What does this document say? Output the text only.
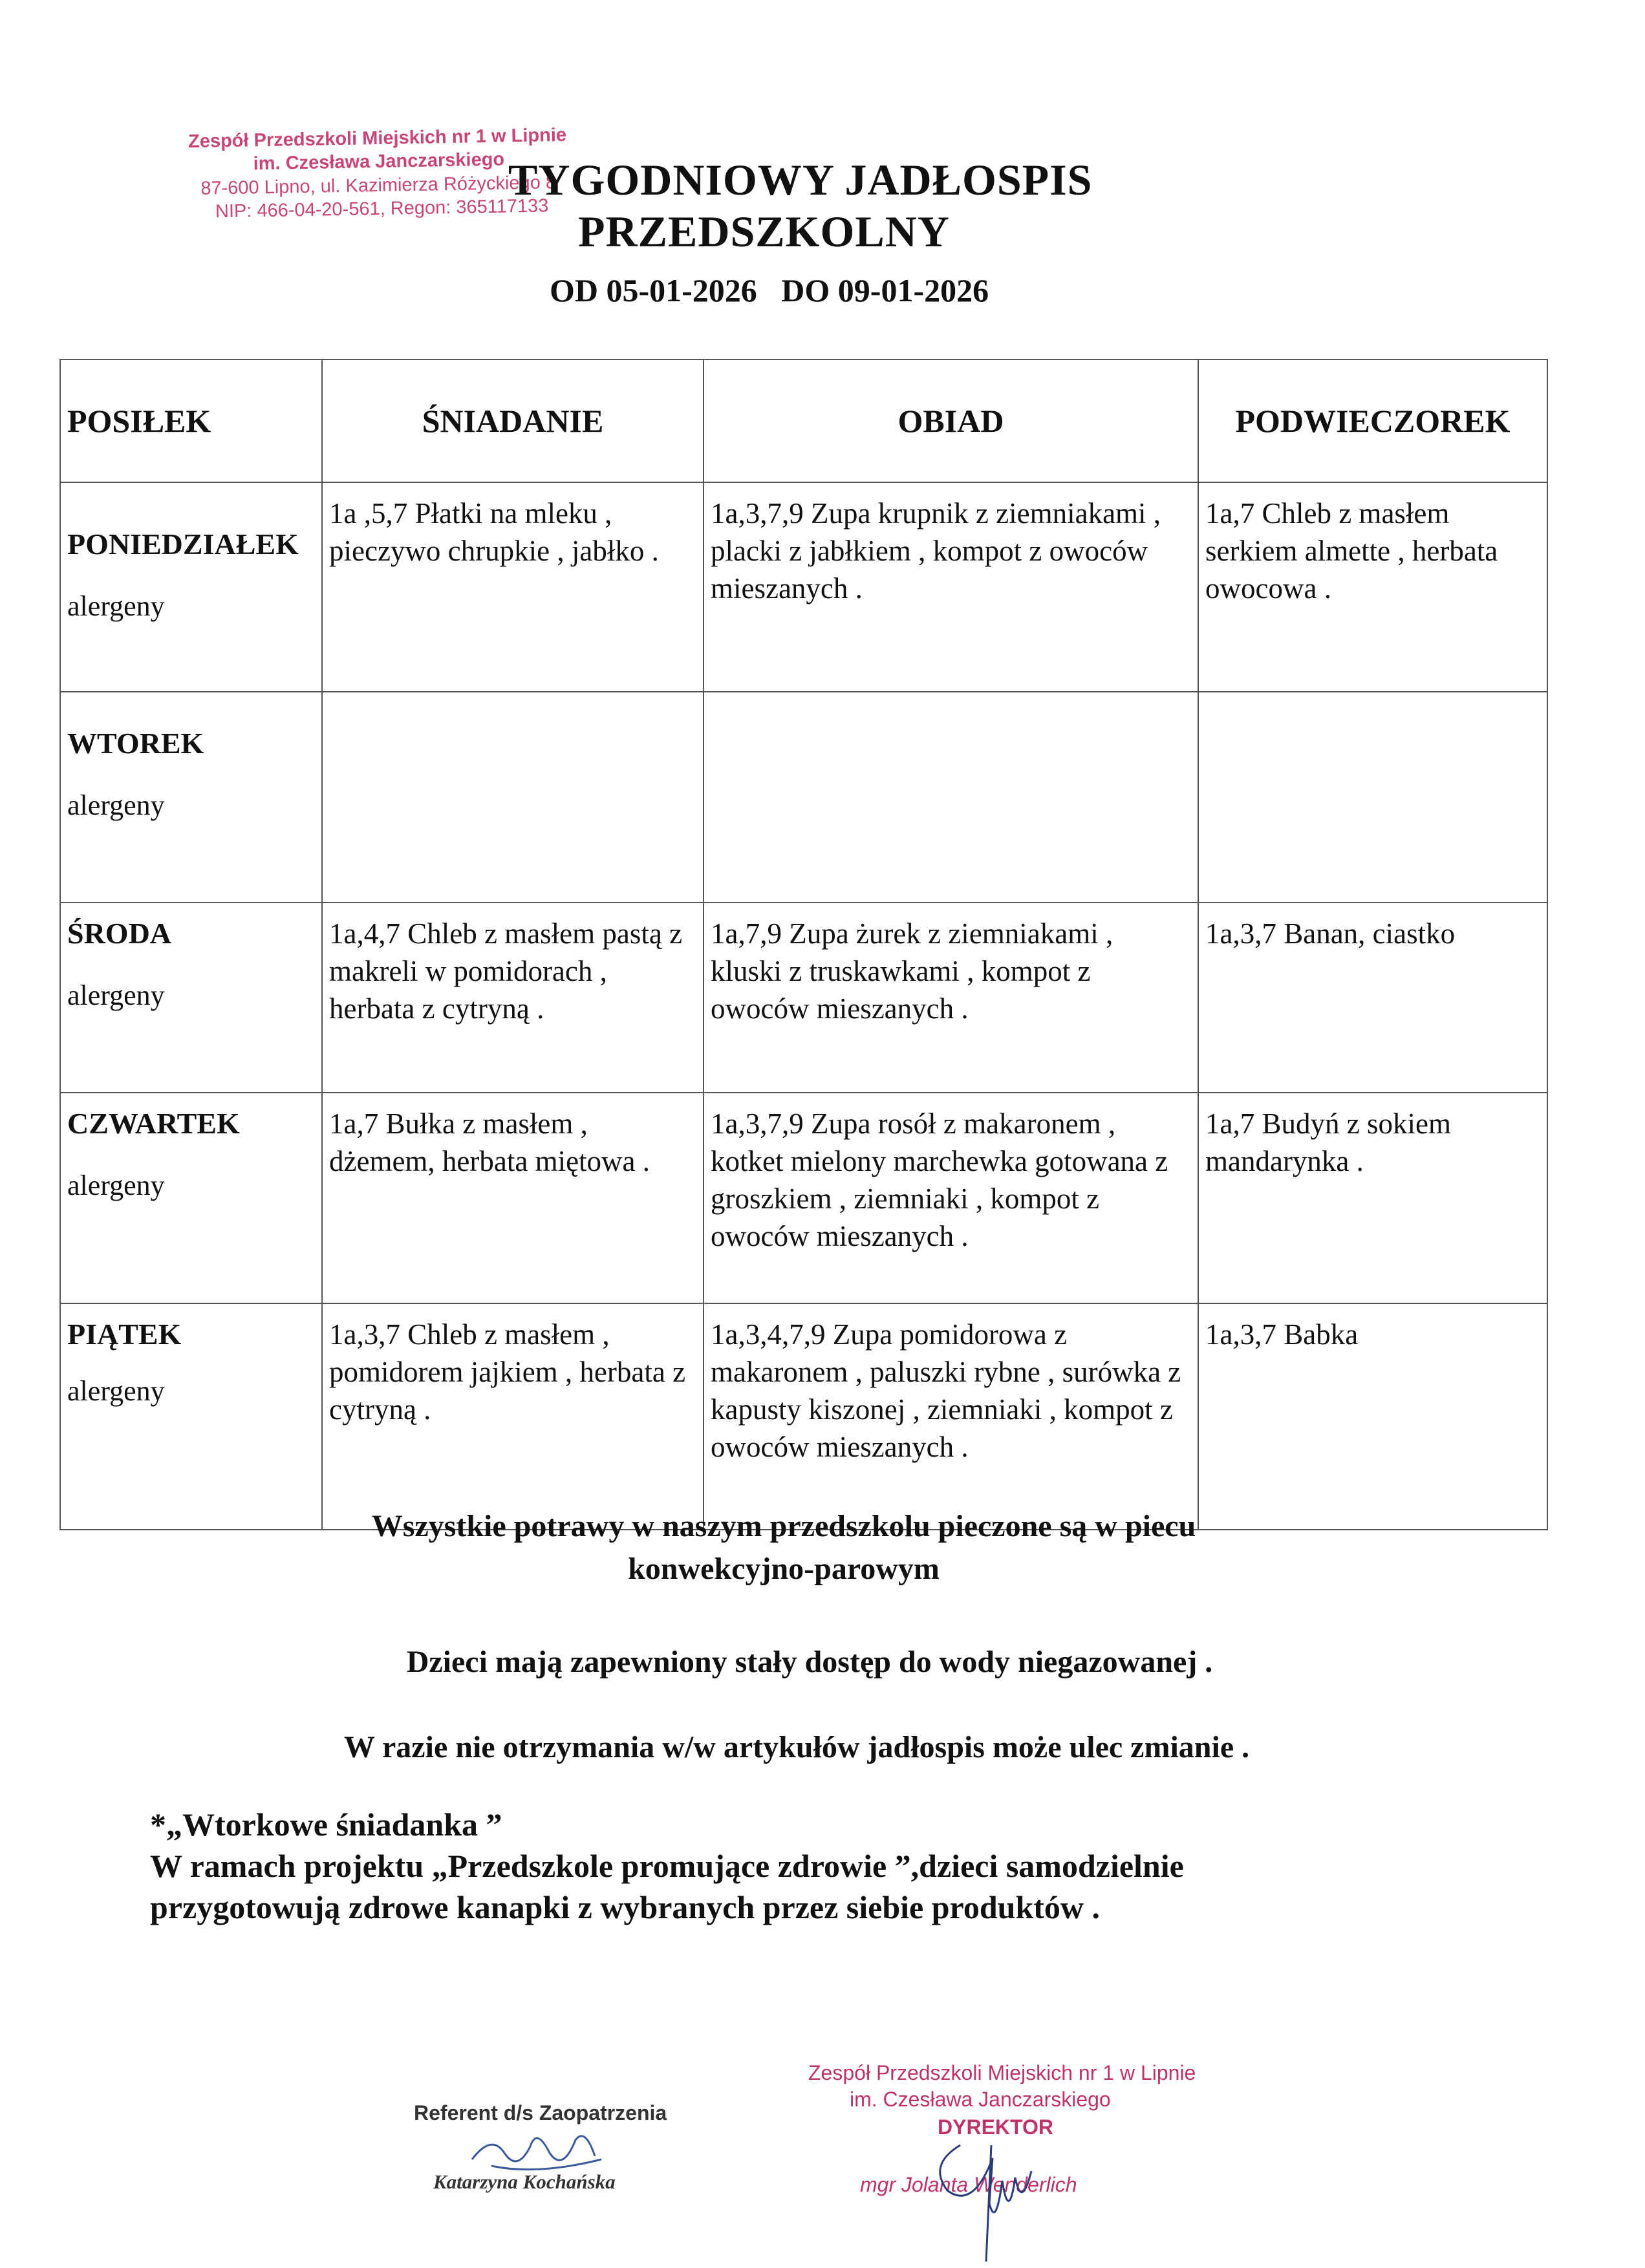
Zespół Przedszkoli Miejskich nr 1 w Lipnie
im. Czesława Janczarskiego
87-600 Lipno, ul. Kazimierza Różyckiego 8
NIP: 466-04-20-561, Regon: 365117133
TYGODNIOWY JADŁOSPIS
PRZEDSZKOLNY
OD 05-01-2026   DO 09-01-2026
POSIŁEK	ŚNIADANIE	OBIAD	PODWIECZOREK

PONIEDZIAŁEK
alergeny	1a ,5,7 Płatki na mleku , pieczywo chrupkie , jabłko .	1a,3,7,9 Zupa krupnik z ziemniakami , placki z jabłkiem , kompot z owoców mieszanych .	1a,7 Chleb z masłem serkiem almette , herbata owocowa .

WTOREK
alergeny			

ŚRODA
alergeny	1a,4,7 Chleb z masłem pastą z makreli w pomidorach , herbata z cytryną .	1a,7,9 Zupa żurek z ziemniakami , kluski z truskawkami , kompot z owoców mieszanych .	1a,3,7 Banan, ciastko

CZWARTEK
alergeny	1a,7 Bułka z masłem , dżemem, herbata miętowa .	1a,3,7,9 Zupa rosół z makaronem , kotket mielony marchewka gotowana z groszkiem , ziemniaki , kompot z owoców mieszanych .	1a,7 Budyń z sokiem mandarynka .

PIĄTEK
alergeny	1a,3,7 Chleb z masłem , pomidorem jajkiem , herbata z cytryną .	1a,3,4,7,9 Zupa pomidorowa z makaronem , paluszki rybne , surówka z kapusty kiszonej , ziemniaki , kompot z owoców mieszanych .	1a,3,7 Babka
Wszystkie potrawy w naszym przedszkolu pieczone są w piecu
konwekcyjno-parowym
Dzieci mają zapewniony stały dostęp do wody niegazowanej .
W razie nie otrzymania w/w artykułów jadłospis może ulec zmianie .
*„Wtorkowe śniadanka ”
W ramach projektu „Przedszkole promujące zdrowie ”,dzieci samodzielnie
przygotowują zdrowe kanapki z wybranych przez siebie produktów .
Referent d/s Zaopatrzenia
Katarzyna Kochańska
Zespół Przedszkoli Miejskich nr 1 w Lipnie
im. Czesława Janczarskiego
DYREKTOR
mgr Jolanta Wenderlich
